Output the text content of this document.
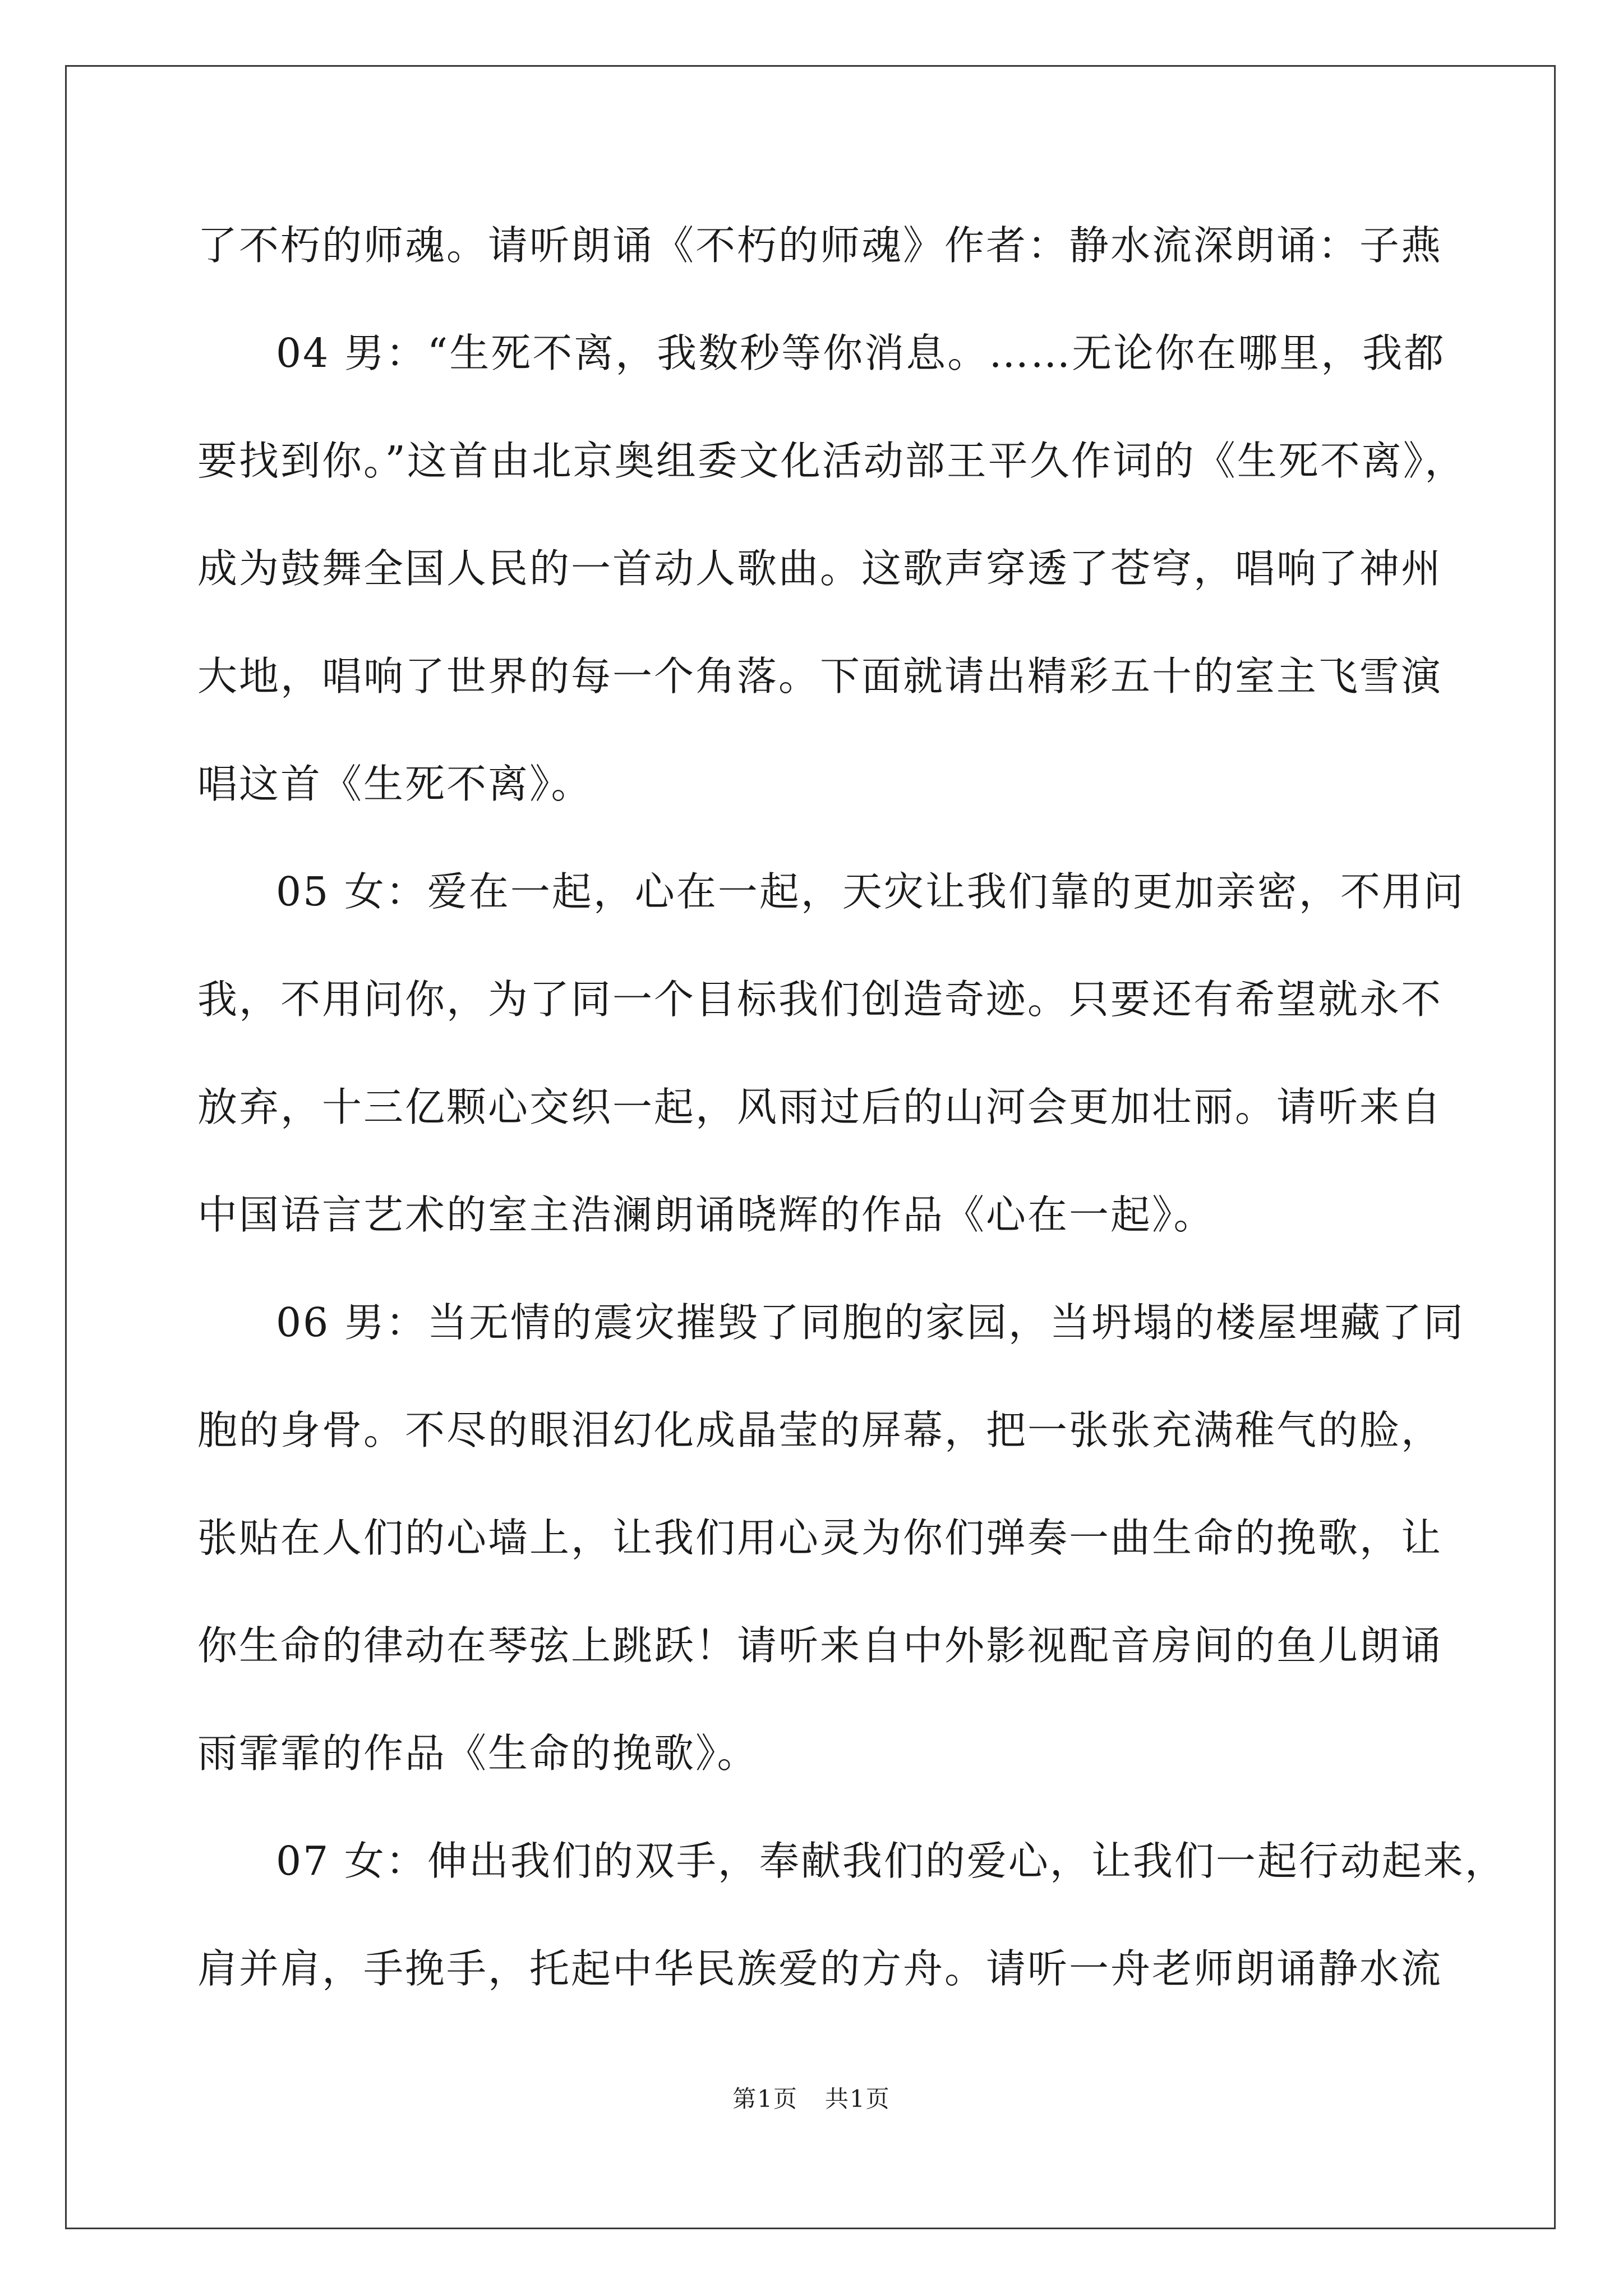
了不朽的师魂。请听朗诵《不朽的师魂》作者：静水流深朗诵：子燕
04 男：“生死不离，我数秒等你消息。……无论你在哪里，我都
要找到你。”这首由北京奥组委文化活动部王平久作词的《生死不离》，
成为鼓舞全国人民的一首动人歌曲。这歌声穿透了苍穹，唱响了神州
大地，唱响了世界的每一个角落。下面就请出精彩五十的室主飞雪演
唱这首《生死不离》。
05 女：爱在一起，心在一起，天灾让我们靠的更加亲密，不用问
我，不用问你，为了同一个目标我们创造奇迹。只要还有希望就永不
放弃，十三亿颗心交织一起，风雨过后的山河会更加壮丽。请听来自
中国语言艺术的室主浩澜朗诵晓辉的作品《心在一起》。
06 男：当无情的震灾摧毁了同胞的家园，当坍塌的楼屋埋藏了同
胞的身骨。不尽的眼泪幻化成晶莹的屏幕，把一张张充满稚气的脸，
张贴在人们的心墙上，让我们用心灵为你们弹奏一曲生命的挽歌，让
你生命的律动在琴弦上跳跃！请听来自中外影视配音房间的鱼儿朗诵
雨霏霏的作品《生命的挽歌》。
07 女：伸出我们的双手，奉献我们的爱心，让我们一起行动起来，
肩并肩，手挽手，托起中华民族爱的方舟。请听一舟老师朗诵静水流
第1页 共1页
